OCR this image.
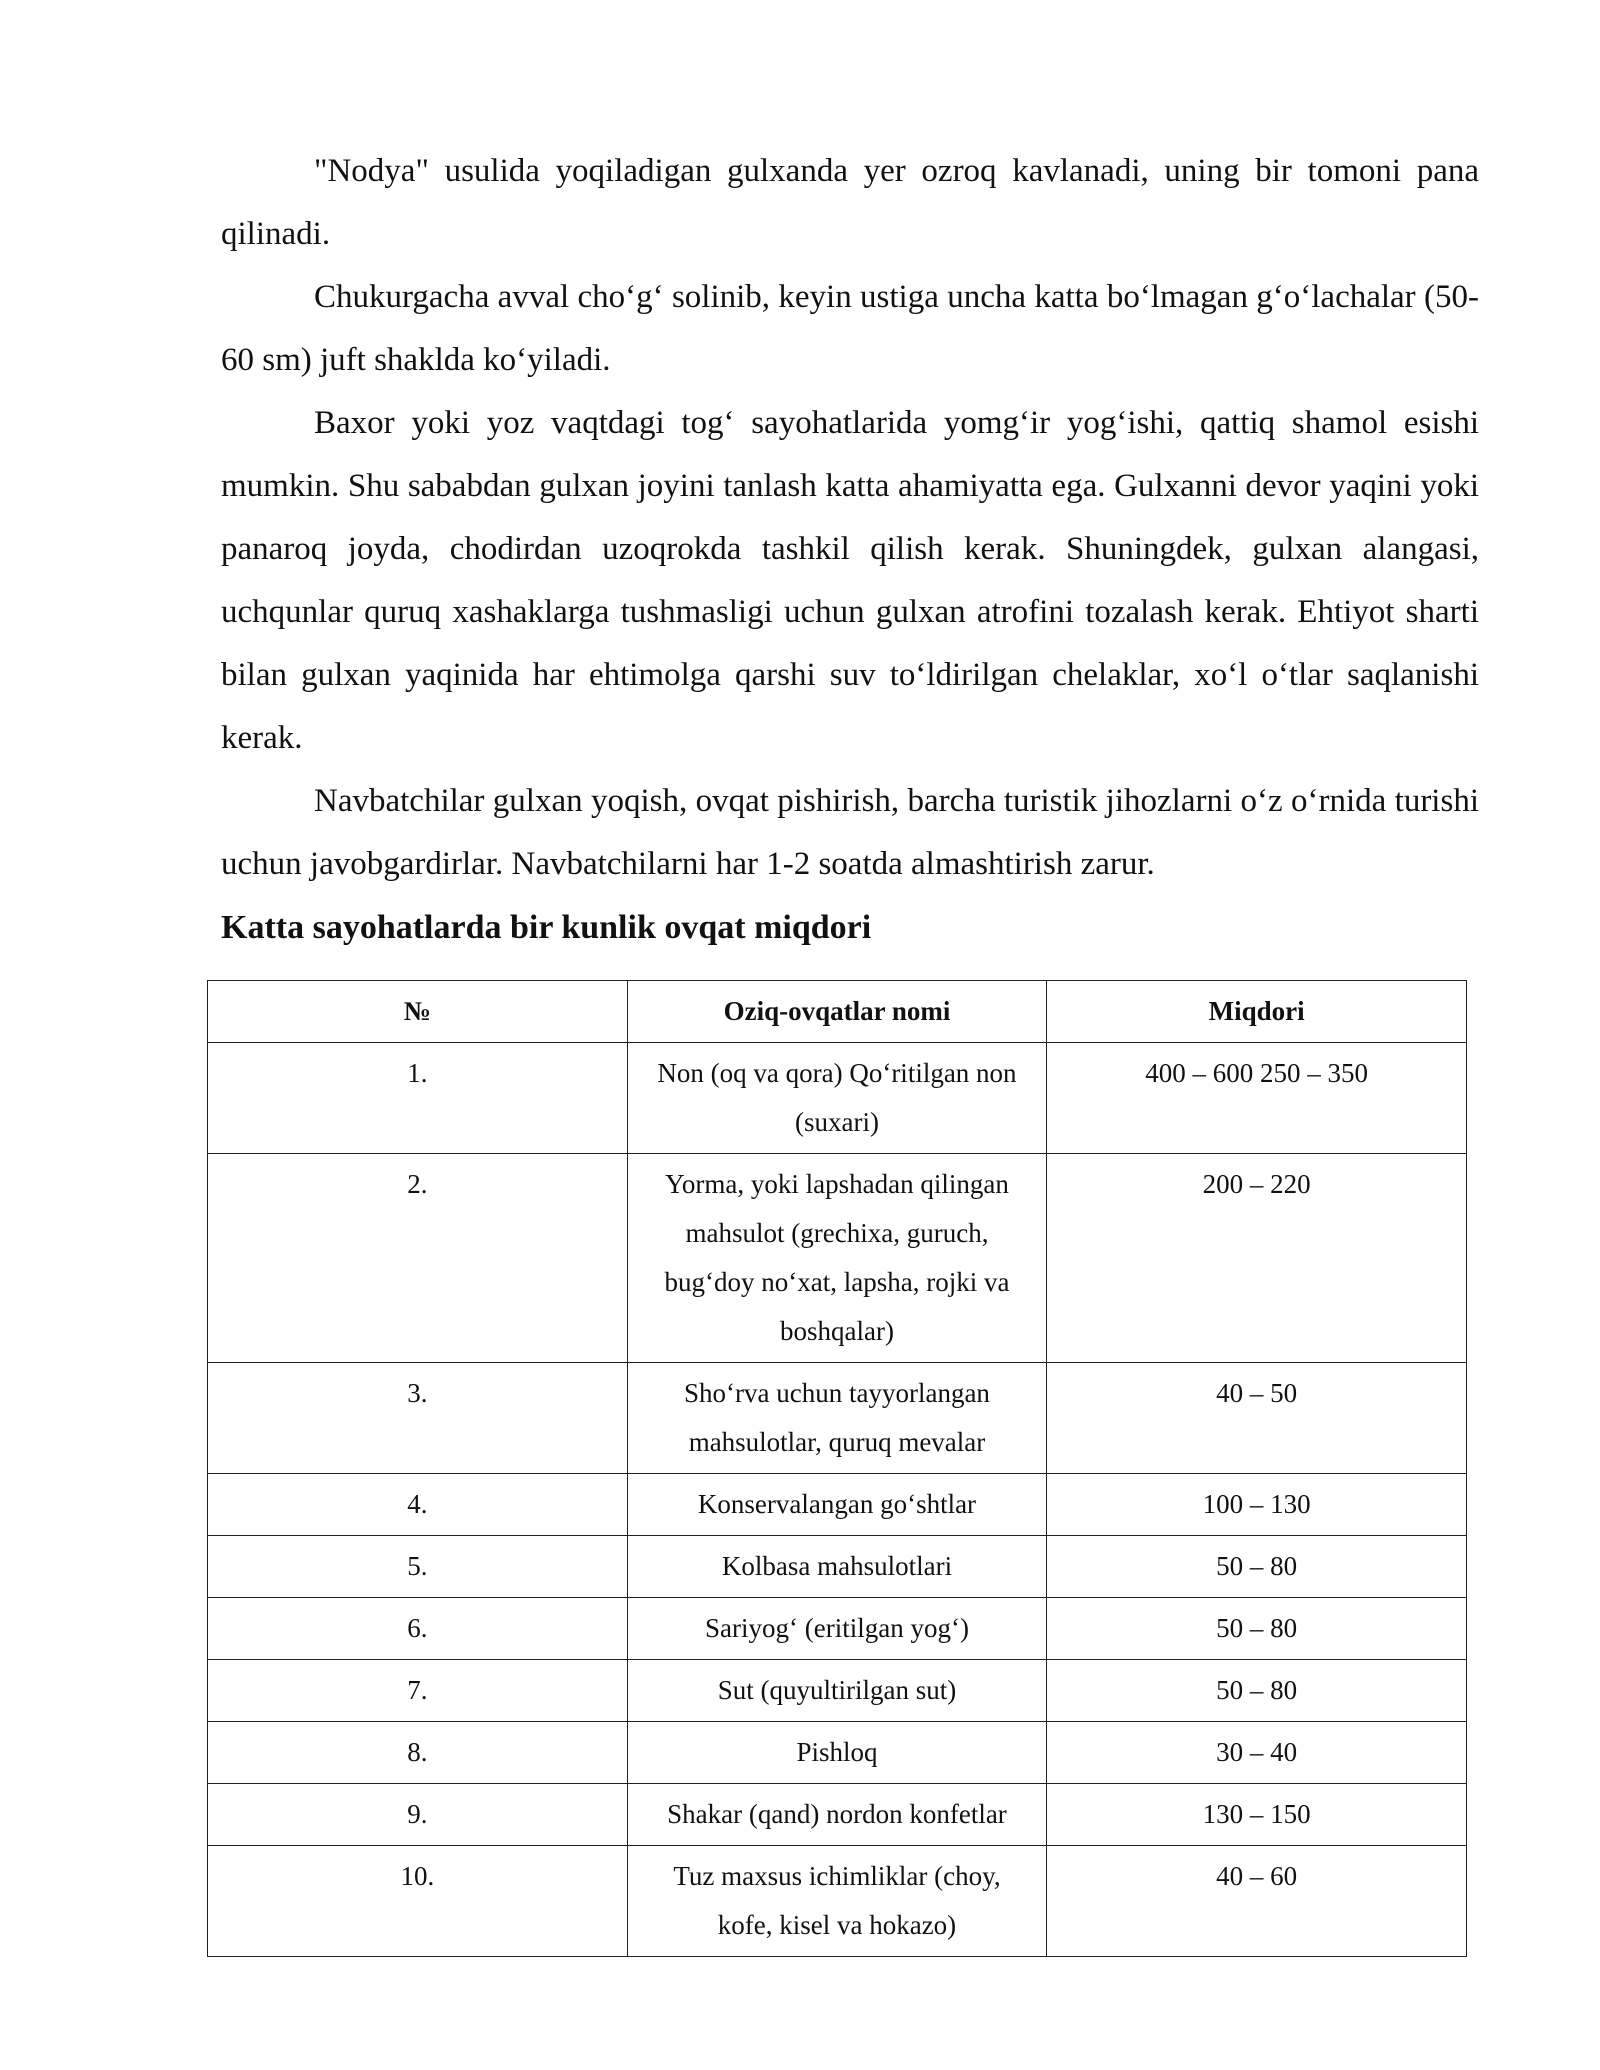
"Nodya" usulida yoqiladigan gulxanda yer ozroq kavlanadi, uning bir tomoni pana qilinadi.

Chukurgacha avval cho‘g‘ solinib, keyin ustiga uncha katta bo‘lmagan g‘o‘lachalar (50-60 sm) juft shaklda ko‘yiladi.

Baxor yoki yoz vaqtdagi tog‘ sayohatlarida yomg‘ir yog‘ishi, qattiq shamol esishi mumkin. Shu sababdan gulxan joyini tanlash katta ahamiyatta ega. Gulxanni devor yaqini yoki panaroq joyda, chodirdan uzoqrokda tashkil qilish kerak. Shuningdek, gulxan alangasi, uchqunlar quruq xashaklarga tushmasligi uchun gulxan atrofini tozalash kerak. Ehtiyot sharti bilan gulxan yaqinida har ehtimolga qarshi suv to‘ldirilgan chelaklar, xo‘l o‘tlar saqlanishi kerak.

Navbatchilar gulxan yoqish, ovqat pishirish, barcha turistik jihozlarni o‘z o‘rnida turishi uchun javobgardirlar. Navbatchilarni har 1-2 soatda almashtirish zarur.

Katta sayohatlarda bir kunlik ovqat miqdori

№	Oziq-ovqatlar nomi	Miqdori
1.	Non (oq va qora) Qo‘ritilgan non (suxari)	400 – 600 250 – 350
2.	Yorma, yoki lapshadan qilingan mahsulot (grechixa, guruch, bug‘doy no‘xat, lapsha, rojki va boshqalar)	200 – 220
3.	Sho‘rva uchun tayyorlangan mahsulotlar, quruq mevalar	40 – 50
4.	Konservalangan go‘shtlar	100 – 130
5.	Kolbasa mahsulotlari	50 – 80
6.	Sariyog‘ (eritilgan yog‘)	50 – 80
7.	Sut (quyultirilgan sut)	50 – 80
8.	Pishloq	30 – 40
9.	Shakar (qand) nordon konfetlar	130 – 150
10.	Tuz maxsus ichimliklar (choy, kofe, kisel va hokazo)	40 – 60
